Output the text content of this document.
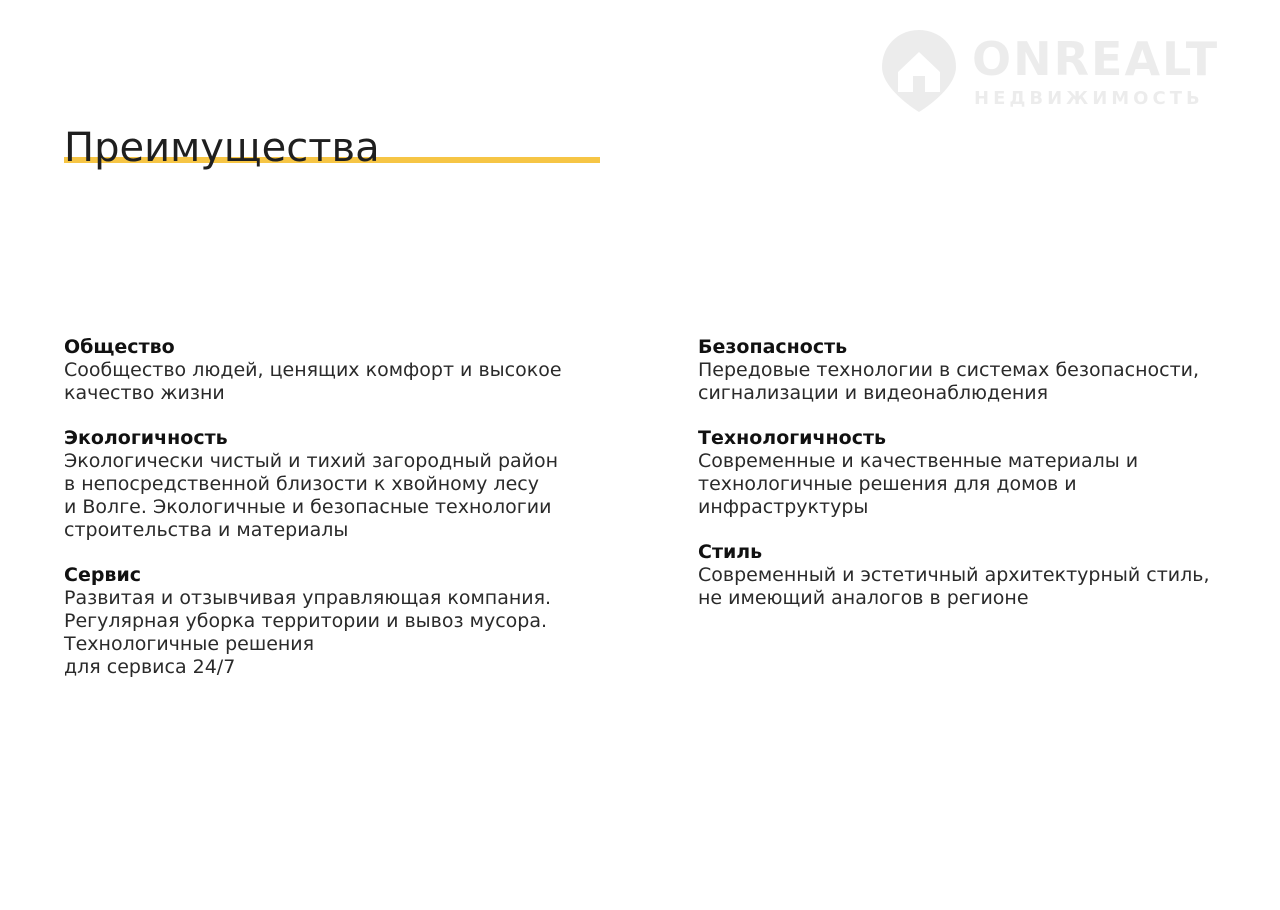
ONREALT
НЕДВИЖИМОСТЬ
Преимущества

Общество

Сообщество людей, ценящих комфорт и высокое
качество жизни

Экологичность

Экологически чистый и тихий загородный район
в непосредственной близости к хвойному лесу
и Волге. Экологичные и безопасные технологии
строительства и материалы

Сервис

Развитая и отзывчивая управляющая компания.
Регулярная уборка территории и вывоз мусора.
Технологичные решения
для сервиса 24/7

Безопасность

Передовые технологии в системах безопасности,
сигнализации и видеонаблюдения

Технологичность

Современные и качественные материалы и
технологичные решения для домов и
инфраструктуры

Стиль

Современный и эстетичный архитектурный стиль,
не имеющий аналогов в регионе
